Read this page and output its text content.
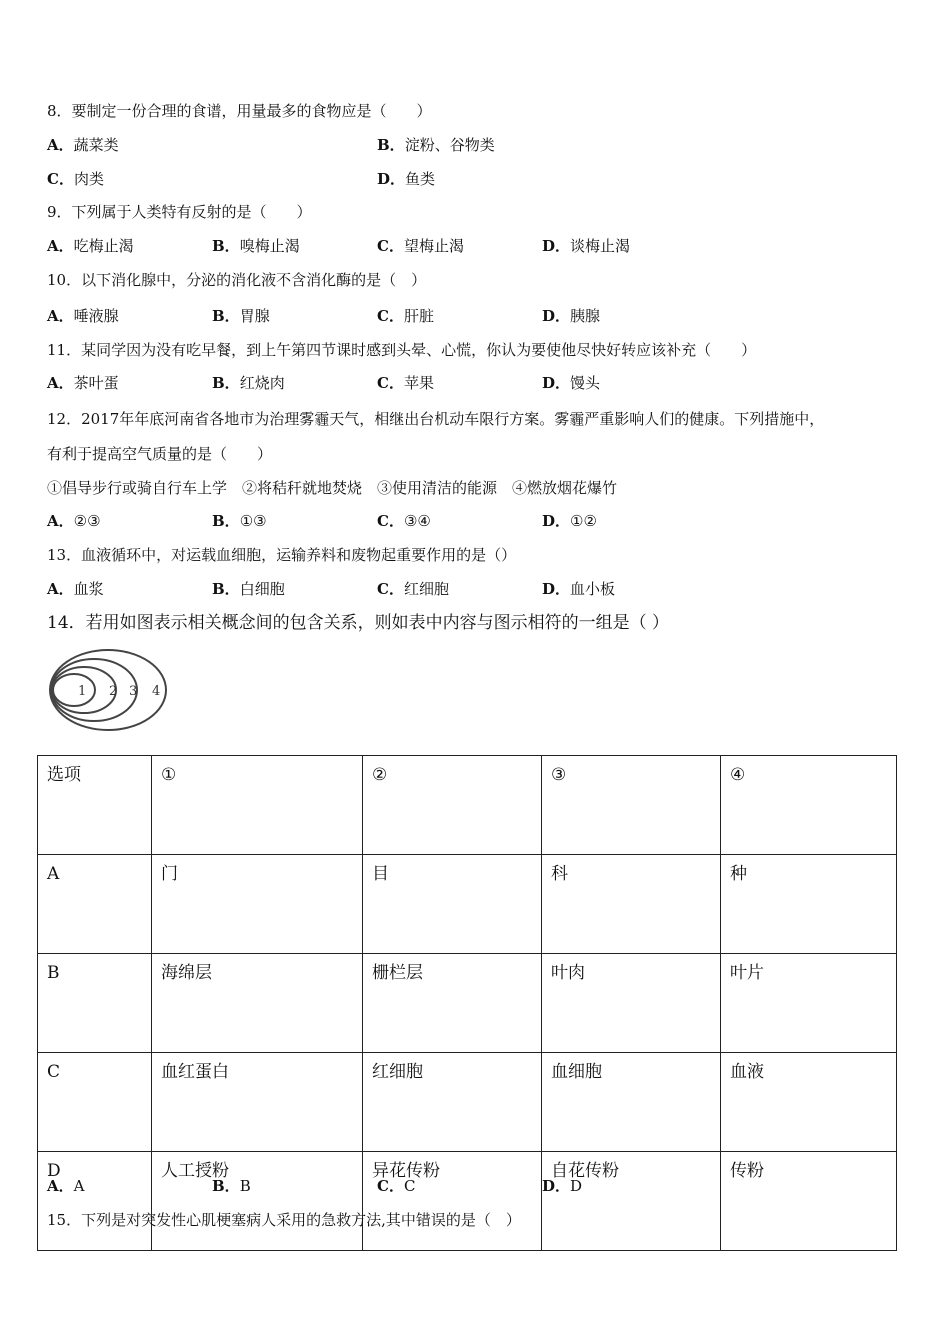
8．要制定一份合理的食谱，用量最多的食物应是（　　）
A．蔬菜类	B．淀粉、谷物类
C．肉类	D．鱼类
9．下列属于人类特有反射的是（　　）
A．吃梅止渴	B．嗅梅止渴	C．望梅止渴	D．谈梅止渴
10．以下消化腺中，分泌的消化液不含消化酶的是（　）
A．唾液腺	B．胃腺	C．肝脏	D．胰腺
11．某同学因为没有吃早餐，到上午第四节课时感到头晕、心慌，你认为要使他尽快好转应该补充（　　）
A．茶叶蛋	B．红烧肉	C．苹果	D．馒头
12．2017年年底河南省各地市为治理雾霾天气，相继出台机动车限行方案。雾霾严重影响人们的健康。下列措施中，
有利于提高空气质量的是（　　）
①倡导步行或骑自行车上学　②将秸秆就地焚烧　③使用清洁的能源　④燃放烟花爆竹
A．②③	B．①③	C．③④	D．①②
13．血液循环中，对运载血细胞，运输养料和废物起重要作用的是（）
A．血浆	B．白细胞	C．红细胞	D．血小板
14．若用如图表示相关概念间的包含关系，则如表中内容与图示相符的一组是（ ）
1 2 3 4
选项	①	②	③	④
A	门	目	科	种
B	海绵层	栅栏层	叶肉	叶片
C	血红蛋白	红细胞	血细胞	血液
D	人工授粉	异花传粉	自花传粉	传粉
A．A	B．B	C．C	D．D
15．下列是对突发性心肌梗塞病人采用的急救方法,其中错误的是（　）
